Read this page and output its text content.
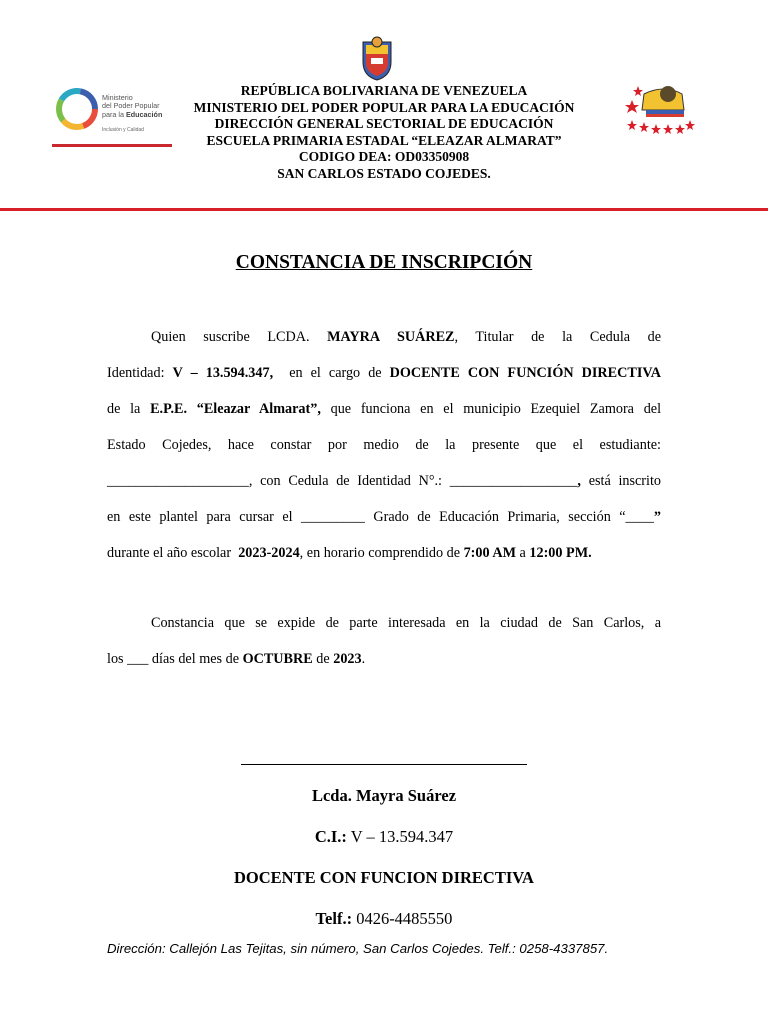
Ministerio
del Poder Popular
para la Educación
Inclusión y Calidad
REPÚBLICA BOLIVARIANA DE VENEZUELA
MINISTERIO DEL PODER POPULAR PARA LA EDUCACIÓN
DIRECCIÓN GENERAL SECTORIAL DE EDUCACIÓN
ESCUELA PRIMARIA ESTADAL “ELEAZAR ALMARAT”
CODIGO DEA: OD03350908
SAN CARLOS ESTADO COJEDES.
CONSTANCIA DE INSCRIPCIÓN
Quien suscribe LCDA. MAYRA SUÁREZ, Titular de la Cedula de
Identidad: V – 13.594.347, en el cargo de DOCENTE CON FUNCIÓN DIRECTIVA
de la E.P.E. “Eleazar Almarat”, que funciona en el municipio Ezequiel Zamora del
Estado Cojedes, hace constar por medio de la presente que el estudiante:
____________________, con Cedula de Identidad N°.: __________________, está inscrito
en este plantel para cursar el _________ Grado de Educación Primaria, sección “____”
durante el año escolar 2023-2024, en horario comprendido de 7:00 AM a 12:00 PM.
Constancia que se expide de parte interesada en la ciudad de San Carlos, a
los ___ días del mes de OCTUBRE de 2023.
Lcda. Mayra Suárez
C.I.: V – 13.594.347
DOCENTE CON FUNCION DIRECTIVA
Telf.: 0426-4485550
Dirección: Callejón Las Tejitas, sin número, San Carlos Cojedes. Telf.: 0258-4337857.
